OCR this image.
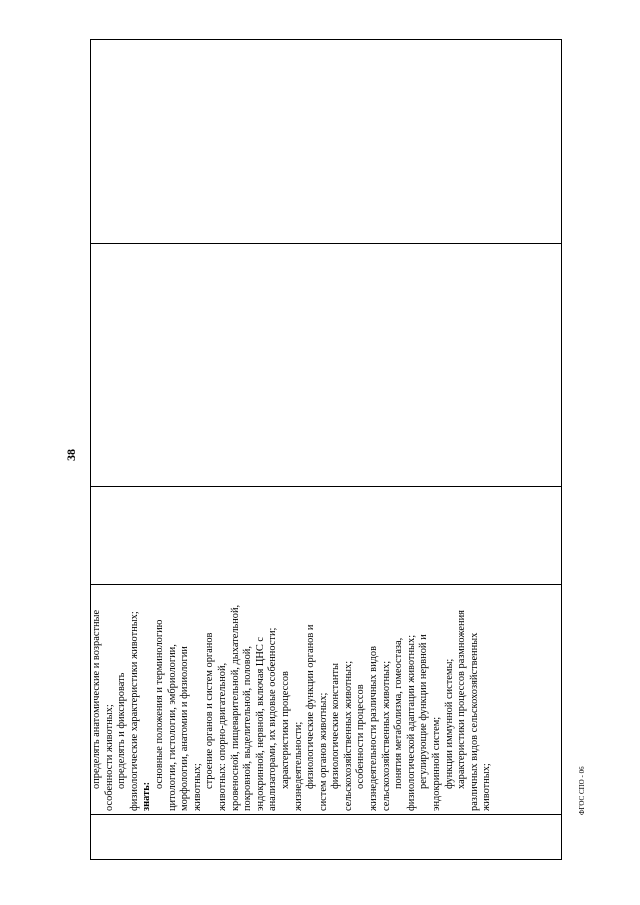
38

определять анатомические и возрастные особенности животных; определять и фиксировать физиологические характеристики животных; знать:

основные положения и терминологию цитологии, гистологии, эмбриологии, морфологии, анатомии и физиологии животных; строение органов и систем органов животных: опорно-двигательной, кровеносной, пищеварительной, дыхательной, покровной, выделительной, половой, эндокринной, нервной, включая ЦНС с анализаторами, их видовые особенности; характеристики процессов жизнедеятельности; физиологические функции органов и систем органов животных; физиологические константы сельскохозяйственных животных; особенности процессов жизнедеятельности различных видов сельскохозяйственных животных; понятия метаболизма, гомеостаза, физиологической адаптации животных; регулирующие функции нервной и эндокринной систем; функции иммунной системы; характеристики процессов размножения различных видов сельскохозяйственных животных;

				ФГОС СПО - 06
